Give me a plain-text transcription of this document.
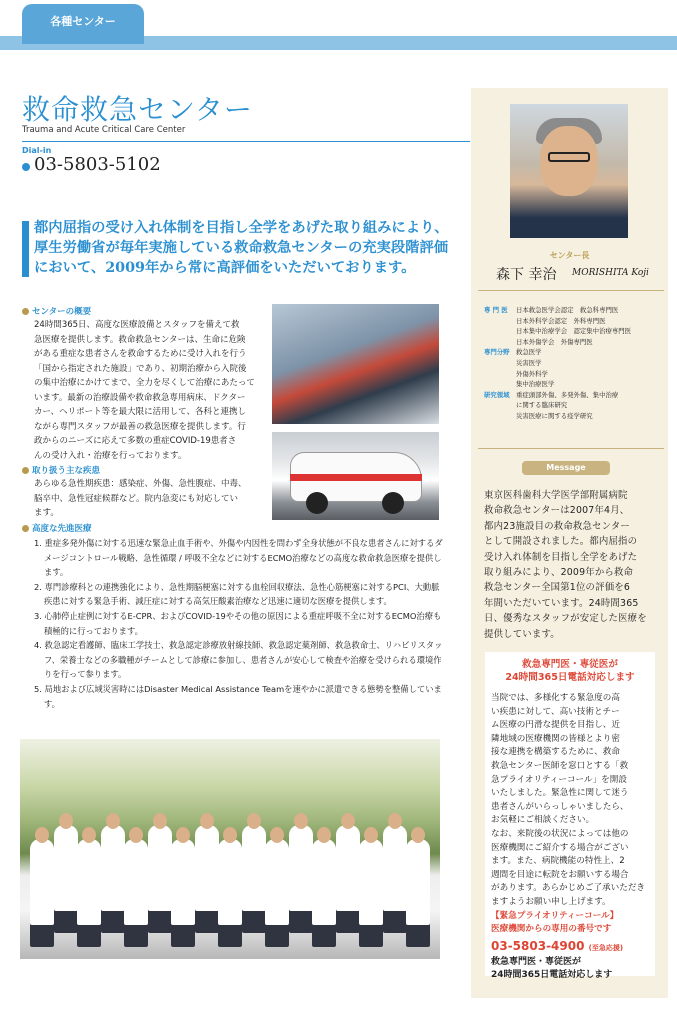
各種センター
救命救急センター
Trauma and Acute Critical Care Center
Dial-in
03-5803-5102
都内屈指の受け入れ体制を目指し全学をあげた取り組みにより、
厚生労働省が毎年実施している救命救急センターの充実段階評価
において、2009年から常に高評価をいただいております。
センターの概要
24時間365日、高度な医療設備とスタッフを備えて救
急医療を提供します。救命救急センターは、生命に危険
がある重症な患者さんを救命するために受け入れを行う
「国から指定された施設」であり、初期治療から入院後
の集中治療にかけてまで、全力を尽くして治療にあたって
います。最新の治療設備や救命救急専用病床、ドクター
カー、ヘリポート等を最大限に活用して、各科と連携し
ながら専門スタッフが最善の救急医療を提供します。行
政からのニーズに応えて多数の重症COVID-19患者さ
んの受け入れ・治療を行っております。
取り扱う主な疾患
あらゆる急性期疾患：感染症、外傷、急性腹症、中毒、
脳卒中、急性冠症候群など。院内急変にも対応してい
ます。
高度な先進医療
1. 重症多発外傷に対する迅速な緊急止血手術や、外傷や内因性を問わず全身状態が不良な患者さんに対するダメージコントロール戦略、急性循環 / 呼吸不全などに対するECMO治療などの高度な救命救急医療を提供します。
2. 専門診療科との連携強化により、急性期脳梗塞に対する血栓回収療法、急性心筋梗塞に対するPCI、大動脈疾患に対する緊急手術、減圧症に対する高気圧酸素治療など迅速に適切な医療を提供します。
3. 心肺停止症例に対するE-CPR、およびCOVID-19やその他の原因による重症呼吸不全に対するECMO治療も積極的に行っております。
4. 救急認定看護師、臨床工学技士、救急認定診療放射線技師、救急認定薬剤師、救急救命士、リハビリスタッフ、栄養士などの多職種がチームとして診療に参加し、患者さんが安心して検査や治療を受けられる環境作りを行って参ります。
5. 局地および広域災害時にはDisaster Medical Assistance Teamを速やかに派遣できる態勢を整備しています。
センター長
森下 幸治 MORISHITA Koji
専 門 医 日本救急医学会認定　救急科専門医
日本外科学会認定　外科専門医
日本集中治療学会　認定集中治療専門医
日本外傷学会　外傷専門医
専門分野 救急医学
災害医学
外傷外科学
集中治療医学
研究領域 重症頭部外傷、多発外傷、集中治療
に関する臨床研究
災害医療に関する疫学研究
Message
東京医科歯科大学医学部附属病院
救命救急センターは2007年4月、
都内23施設目の救命救急センター
として開設されました。都内屈指の
受け入れ体制を目指し全学をあげた
取り組みにより、2009年から救命
救急センター全国第1位の評価を6
年間いただいています。24時間365
日、優秀なスタッフが安定した医療を
提供しています。
救急専門医・専従医が
24時間365日電話対応します
当院では、多様化する緊急度の高
い疾患に対して、高い技術とチー
ム医療の円滑な提供を目指し、近
隣地域の医療機関の皆様とより密
接な連携を構築するために、救命
救急センター医師を窓口とする「救
急プライオリティーコール」を開設
いたしました。緊急性に関して迷う
患者さんがいらっしゃいましたら、
お気軽にご相談ください。
なお、来院後の状況によっては他の
医療機関にご紹介する場合がござい
ます。また、病院機能の特性上、2
週間を目途に転院をお願いする場合
があります。あらかじめご了承いただき
ますようお願い申し上げます。
【緊急プライオリティーコール】
医療機関からの専用の番号です
03-5803-4900 (至急応援)
救急専門医・専従医が
24時間365日電話対応します
